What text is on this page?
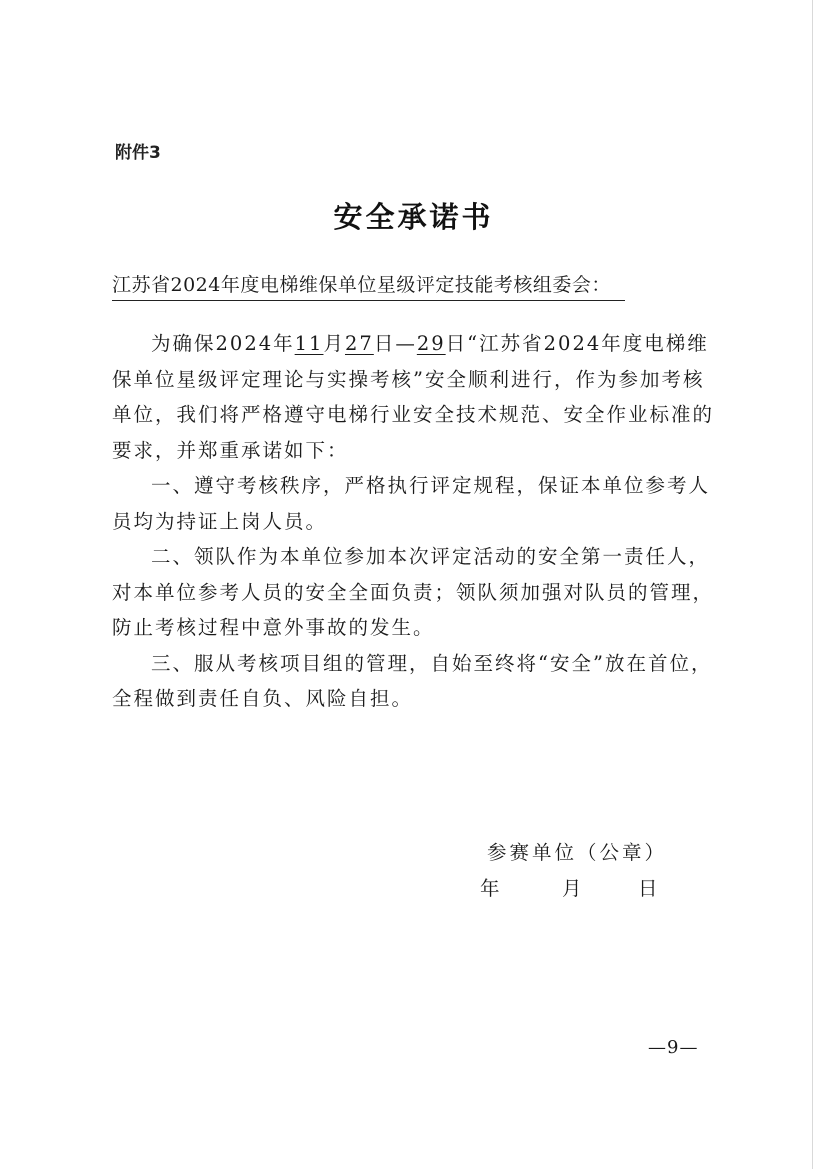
附件3
安全承诺书
江苏省2024年度电梯维保单位星级评定技能考核组委会：

为确保2024年11月27日—29日“江苏省2024年度电梯维保单位星级评定理论与实操考核”安全顺利进行，作为参加考核单位，我们将严格遵守电梯行业安全技术规范、安全作业标准的要求，并郑重承诺如下：

一、遵守考核秩序，严格执行评定规程，保证本单位参考人员均为持证上岗人员。

二、领队作为本单位参加本次评定活动的安全第一责任人，对本单位参考人员的安全全面负责；领队须加强对队员的管理，防止考核过程中意外事故的发生。

三、服从考核项目组的管理，自始至终将“安全”放在首位，全程做到责任自负、风险自担。

参赛单位（公章）
年	月	日
—9—
